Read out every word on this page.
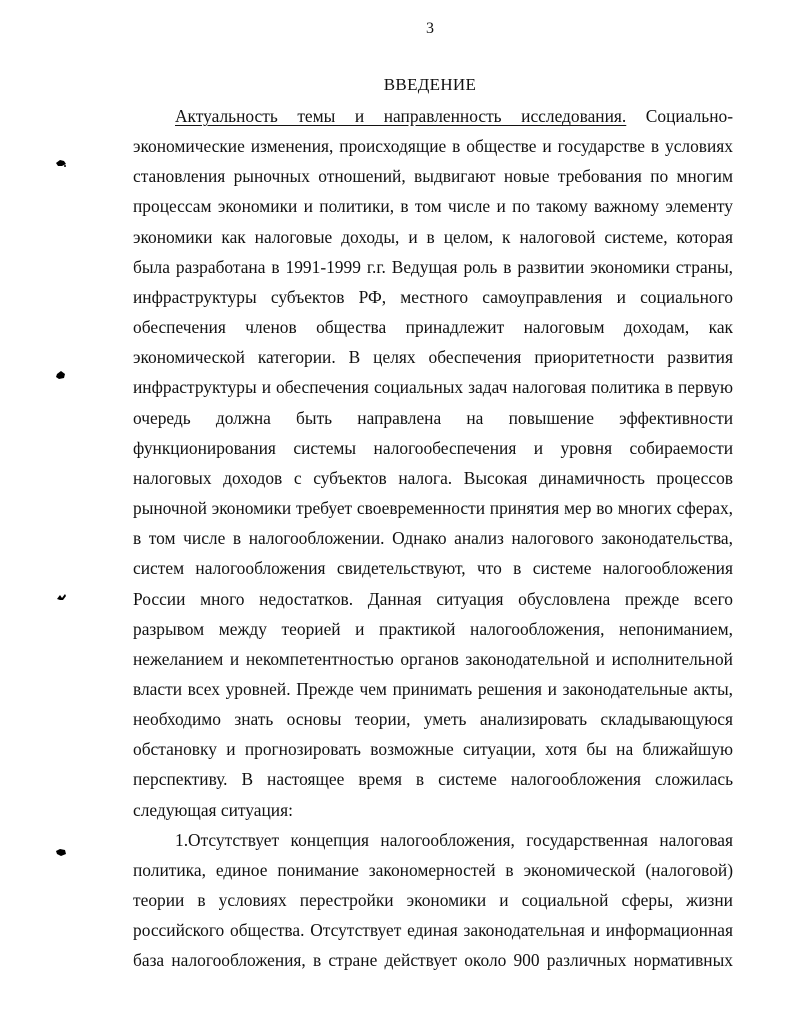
3
ВВЕДЕНИЕ
Актуальность темы и направленность исследования. Социально-
экономические изменения, происходящие в обществе и государстве в условиях
становления рыночных отношений, выдвигают новые требования по многим
процессам экономики и политики, в том числе и по такому важному элементу
экономики как налоговые доходы, и в целом, к налоговой системе, которая
была разработана в 1991-1999 г.г. Ведущая роль в развитии экономики страны,
инфраструктуры субъектов РФ, местного самоуправления и социального
обеспечения членов общества принадлежит налоговым доходам, как
экономической категории. В целях обеспечения приоритетности развития
инфраструктуры и обеспечения социальных задач налоговая политика в первую
очередь должна быть направлена на повышение эффективности
функционирования системы налогообеспечения и уровня собираемости
налоговых доходов с субъектов налога. Высокая динамичность процессов
рыночной экономики требует своевременности принятия мер во многих сферах,
в том числе в налогообложении. Однако анализ налогового законодательства,
систем налогообложения свидетельствуют, что в системе налогообложения
России много недостатков. Данная ситуация обусловлена прежде всего
разрывом между теорией и практикой налогообложения, непониманием,
нежеланием и некомпетентностью органов законодательной и исполнительной
власти всех уровней. Прежде чем принимать решения и законодательные акты,
необходимо знать основы теории, уметь анализировать складывающуюся
обстановку и прогнозировать возможные ситуации, хотя бы на ближайшую
перспективу. В настоящее время в системе налогообложения сложилась
следующая ситуация:
1.Отсутствует концепция налогообложения, государственная налоговая
политика, единое понимание закономерностей в экономической (налоговой)
теории в условиях перестройки экономики и социальной сферы, жизни
российского общества. Отсутствует единая законодательная и информационная
база налогообложения, в стране действует около 900 различных нормативных
